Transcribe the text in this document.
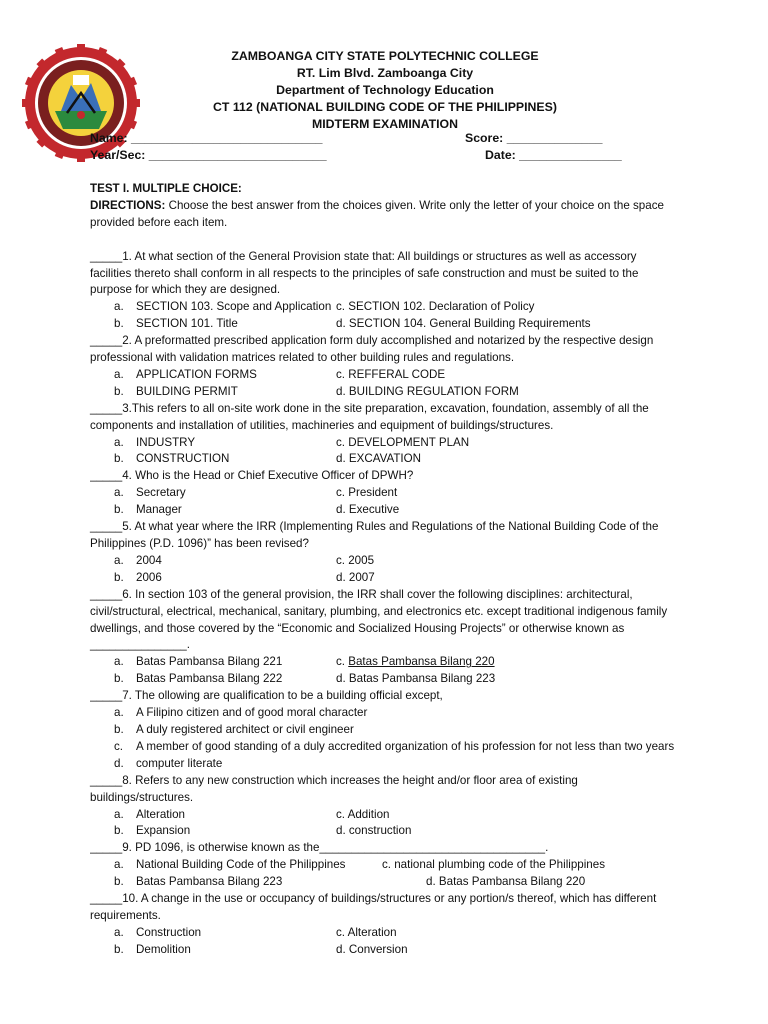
ZAMBOANGA CITY STATE POLYTECHNIC COLLEGE
RT. Lim Blvd. Zamboanga City
Department of Technology Education
CT 112 (NATIONAL BUILDING CODE OF THE PHILIPPINES)
MIDTERM EXAMINATION
Name: ____________________________	Score: ______________
Year/Sec: __________________________	Date: _______________
TEST I. MULTIPLE CHOICE:
DIRECTIONS: Choose the best answer from the choices given. Write only the letter of your choice on the space provided before each item.
_____1. At what section of the General Provision state that: All buildings or structures as well as accessory facilities thereto shall conform in all respects to the principles of safe construction and must be suited to the purpose for which they are designed.
a.	SECTION 103. Scope and Application c. SECTION 102. Declaration of Policy
b.	SECTION 101. Title	d. SECTION 104. General Building Requirements
_____2. A preformatted prescribed application form duly accomplished and notarized by the respective design professional with validation matrices related to other building rules and regulations.
a.	APPLICATION FORMS	c. REFFERAL CODE
b.	BUILDING PERMIT	d. BUILDING REGULATION FORM
_____3.This refers to all on-site work done in the site preparation, excavation, foundation, assembly of all the components and installation of utilities, machineries and equipment of buildings/structures.
a.	INDUSTRY	c. DEVELOPMENT PLAN
b.	CONSTRUCTION	d. EXCAVATION
_____4. Who is the Head or Chief Executive Officer of DPWH?
a.	Secretary	c. President
b.	Manager	d. Executive
_____5. At what year where the IRR (Implementing Rules and Regulations of the National Building Code of the Philippines (P.D. 1096)” has been revised?
a.	2004	c. 2005
b.	2006	d. 2007
_____6. In section 103 of the general provision, the IRR shall cover the following disciplines: architectural, civil/structural, electrical, mechanical, sanitary, plumbing, and electronics etc. except traditional indigenous family dwellings, and those covered by the “Economic and Socialized Housing Projects” or otherwise known as _______________.
a.	Batas Pambansa Bilang 221	c. Batas Pambansa Bilang 220
b.	Batas Pambansa Bilang 222	d. Batas Pambansa Bilang 223
_____7. The ollowing are qualification to be a building official except,
a.	A Filipino citizen and of good moral character
b.	A duly registered architect or civil engineer
c.	A member of good standing of a duly accredited organization of his profession for not less than two years
d.	computer literate
_____8. Refers to any new construction which increases the height and/or floor area of existing buildings/structures.
a.	Alteration	c. Addition
b.	Expansion	d. construction
_____9. PD 1096, is otherwise known as the___________________________________.
a.	National Building Code of the Philippines	c. national plumbing code of the Philippines
b.	Batas Pambansa Bilang 223	d. Batas Pambansa Bilang 220
_____10. A change in the use or occupancy of buildings/structures or any portion/s thereof, which has different requirements.
a.	Construction	c. Alteration
b.	Demolition	d. Conversion
